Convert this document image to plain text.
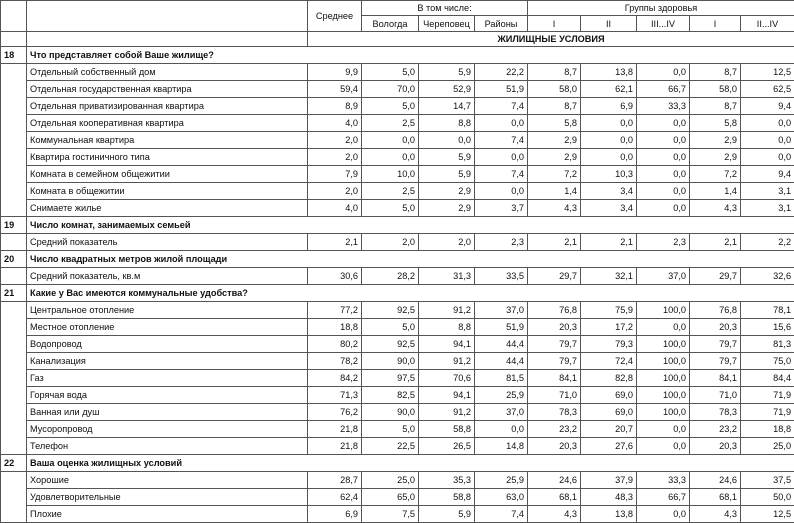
		Среднее	В том числе:			Группы здоровья				
			Вологда	Череповец	Районы	I	II	III...IV	I	II...IV
		ЖИЛИЩНЫЕ УСЛОВИЯ								
18	Что представляет собой Ваше жилище?									
	Отдельный собственный дом	9,9	5,0	5,9	22,2	8,7	13,8	0,0	8,7	12,5
	Отдельная государственная квартира	59,4	70,0	52,9	51,9	58,0	62,1	66,7	58,0	62,5
	Отдельная приватизированная квартира	8,9	5,0	14,7	7,4	8,7	6,9	33,3	8,7	9,4
	Отдельная кооперативная квартира	4,0	2,5	8,8	0,0	5,8	0,0	0,0	5,8	0,0
	Коммунальная квартира	2,0	0,0	0,0	7,4	2,9	0,0	0,0	2,9	0,0
	Квартира гостиничного типа	2,0	0,0	5,9	0,0	2,9	0,0	0,0	2,9	0,0
	Комната в семейном общежитии	7,9	10,0	5,9	7,4	7,2	10,3	0,0	7,2	9,4
	Комната в общежитии	2,0	2,5	2,9	0,0	1,4	3,4	0,0	1,4	3,1
	Снимаете жилье	4,0	5,0	2,9	3,7	4,3	3,4	0,0	4,3	3,1
19	Число комнат, занимаемых семьей									
	Средний показатель	2,1	2,0	2,0	2,3	2,1	2,1	2,3	2,1	2,2
20	Число квадратных метров жилой площади									
	Средний показатель, кв.м	30,6	28,2	31,3	33,5	29,7	32,1	37,0	29,7	32,6
21	Какие у Вас имеются коммунальные удобства?									
	Центральное отопление	77,2	92,5	91,2	37,0	76,8	75,9	100,0	76,8	78,1
	Местное отопление	18,8	5,0	8,8	51,9	20,3	17,2	0,0	20,3	15,6
	Водопровод	80,2	92,5	94,1	44,4	79,7	79,3	100,0	79,7	81,3
	Канализация	78,2	90,0	91,2	44,4	79,7	72,4	100,0	79,7	75,0
	Газ	84,2	97,5	70,6	81,5	84,1	82,8	100,0	84,1	84,4
	Горячая вода	71,3	82,5	94,1	25,9	71,0	69,0	100,0	71,0	71,9
	Ванная или душ	76,2	90,0	91,2	37,0	78,3	69,0	100,0	78,3	71,9
	Мусоропровод	21,8	5,0	58,8	0,0	23,2	20,7	0,0	23,2	18,8
	Телефон	21,8	22,5	26,5	14,8	20,3	27,6	0,0	20,3	25,0
22	Ваша оценка жилищных условий									
	Хорошие	28,7	25,0	35,3	25,9	24,6	37,9	33,3	24,6	37,5
	Удовлетворительные	62,4	65,0	58,8	63,0	68,1	48,3	66,7	68,1	50,0
	Плохие	6,9	7,5	5,9	7,4	4,3	13,8	0,0	4,3	12,5
